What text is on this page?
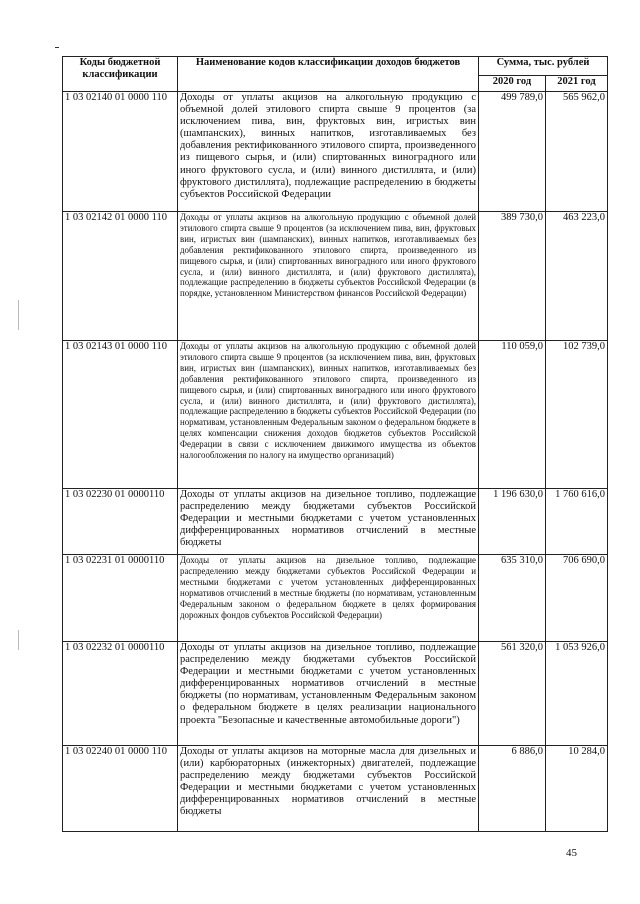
Коды бюджетной классификации	Наименование кодов классификации доходов бюджетов	Сумма, тыс. рублей	
		2020 год	2021 год
1 03 02140 01 0000 110	Доходы от уплаты акцизов на алкогольную продукцию с объемной долей этилового спирта свыше 9 процентов (за исключением пива, вин, фруктовых вин, игристых вин (шампанских), винных напитков, изготавливаемых без добавления ректификованного этилового спирта, произведенного из пищевого сырья, и (или) спиртованных виноградного или иного фруктового сусла, и (или) винного дистиллята, и (или) фруктового дистиллята), подлежащие распределению в бюджеты субъектов Российской Федерации	499 789,0	565 962,0
1 03 02142 01 0000 110	Доходы от уплаты акцизов на алкогольную продукцию с объемной долей этилового спирта свыше 9 процентов (за исключением пива, вин, фруктовых вин, игристых вин (шампанских), винных напитков, изготавливаемых без добавления ректификованного этилового спирта, произведенного из пищевого сырья, и (или) спиртованных виноградного или иного фруктового сусла, и (или) винного дистиллята, и (или) фруктового дистиллята), подлежащие распределению в бюджеты субъектов Российской Федерации (в порядке, установленном Министерством финансов Российской Федерации)	389 730,0	463 223,0
1 03 02143 01 0000 110	Доходы от уплаты акцизов на алкогольную продукцию с объемной долей этилового спирта свыше 9 процентов (за исключением пива, вин, фруктовых вин, игристых вин (шампанских), винных напитков, изготавливаемых без добавления ректификованного этилового спирта, произведенного из пищевого сырья, и (или) спиртованных виноградного или иного фруктового сусла, и (или) винного дистиллята, и (или) фруктового дистиллята), подлежащие распределению в бюджеты субъектов Российской Федерации (по нормативам, установленным Федеральным законом о федеральном бюджете в целях компенсации снижения доходов бюджетов субъектов Российской Федерации в связи с исключением движимого имущества из объектов налогообложения по налогу на имущество организаций)	110 059,0	102 739,0
1 03 02230 01 0000110	Доходы от уплаты акцизов на дизельное топливо, подлежащие распределению между бюджетами субъектов Российской Федерации и местными бюджетами с учетом установленных дифференцированных нормативов отчислений в местные бюджеты	1 196 630,0	1 760 616,0
1 03 02231 01 0000110	Доходы от уплаты акцизов на дизельное топливо, подлежащие распределению между бюджетами субъектов Российской Федерации и местными бюджетами с учетом установленных дифференцированных нормативов отчислений в местные бюджеты (по нормативам, установленным Федеральным законом о федеральном бюджете в целях формирования дорожных фондов субъектов Российской Федерации)	635 310,0	706 690,0
1 03 02232 01 0000110	Доходы от уплаты акцизов на дизельное топливо, подлежащие распределению между бюджетами субъектов Российской Федерации и местными бюджетами с учетом установленных дифференцированных нормативов отчислений в местные бюджеты (по нормативам, установленным Федеральным законом о федеральном бюджете в целях реализации национального проекта "Безопасные и качественные автомобильные дороги")	561 320,0	1 053 926,0
1 03 02240 01 0000 110	Доходы от уплаты акцизов на моторные масла для дизельных и (или) карбюраторных (инжекторных) двигателей, подлежащие распределению между бюджетами субъектов Российской Федерации и местными бюджетами с учетом установленных дифференцированных нормативов отчислений в местные бюджеты	6 886,0	10 284,0
45
